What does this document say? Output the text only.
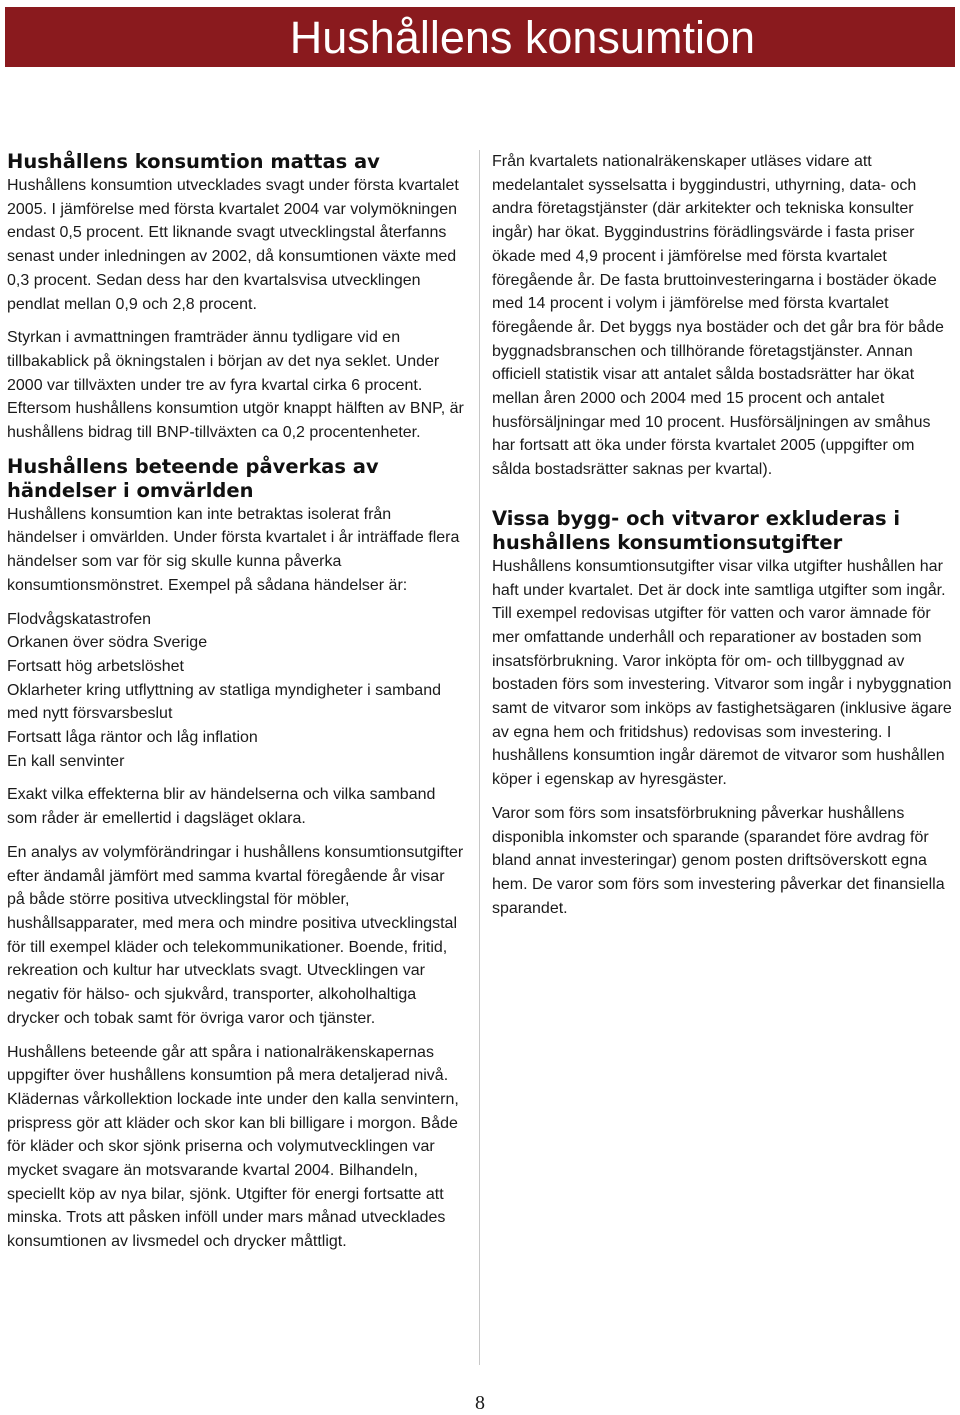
Hushållens konsumtion
Hushållens konsumtion mattas av

Hushållens konsumtion utvecklades svagt under första kvartalet 2005. I jämförelse med första kvartalet 2004 var volymökningen endast 0,5 procent. Ett liknande svagt utvecklingstal återfanns senast under inledningen av 2002, då konsumtionen växte med 0,3 procent. Sedan dess har den kvartalsvisa utvecklingen pendlat mellan 0,9 och 2,8 procent.

Styrkan i avmattningen framträder ännu tydligare vid en tillbakablick på ökningstalen i början av det nya seklet. Under 2000 var tillväxten under tre av fyra kvartal cirka 6 procent. Eftersom hushållens konsumtion utgör knappt hälften av BNP, är hushållens bidrag till BNP-tillväxten ca 0,2 procentenheter.

Hushållens beteende påverkas av händelser i omvärlden

Hushållens konsumtion kan inte betraktas isolerat från händelser i omvärlden. Under första kvartalet i år inträffade flera händelser som var för sig skulle kunna påverka konsumtionsmönstret. Exempel på sådana händelser är:

Flodvågskatastrofen

Orkanen över södra Sverige

Fortsatt hög arbetslöshet

Oklarheter kring utflyttning av statliga myndigheter i samband med nytt försvarsbeslut

Fortsatt låga räntor och låg inflation

En kall senvinter

Exakt vilka effekterna blir av händelserna och vilka samband som råder är emellertid i dagsläget oklara.

En analys av volymförändringar i hushållens konsumtionsutgifter efter ändamål jämfört med samma kvartal föregående år visar på både större positiva utvecklingstal för möbler, hushållsapparater, med mera och mindre positiva utvecklingstal för till exempel kläder och telekommunikationer. Boende, fritid, rekreation och kultur har utvecklats svagt. Utvecklingen var negativ för hälso- och sjukvård, transporter, alkoholhaltiga drycker och tobak samt för övriga varor och tjänster.

Hushållens beteende går att spåra i nationalräkenskapernas uppgifter över hushållens konsumtion på mera detaljerad nivå. Klädernas vårkollektion lockade inte under den kalla senvintern, prispress gör att kläder och skor kan bli billigare i morgon. Både för kläder och skor sjönk priserna och volymutvecklingen var mycket svagare än motsvarande kvartal 2004. Bilhandeln, speciellt köp av nya bilar, sjönk. Utgifter för energi fortsatte att minska. Trots att påsken inföll under mars månad utvecklades konsumtionen av livsmedel och drycker måttligt.

Från kvartalets nationalräkenskaper utläses vidare att medelantalet sysselsatta i byggindustri, uthyrning, data- och andra företagstjänster (där arkitekter och tekniska konsulter ingår) har ökat. Byggindustrins förädlingsvärde i fasta priser ökade med 4,9 procent i jämförelse med första kvartalet föregående år. De fasta bruttoinvesteringarna i bostäder ökade med 14 procent i volym i jämförelse med första kvartalet föregående år. Det byggs nya bostäder och det går bra för både byggnadsbranschen och tillhörande företagstjänster. Annan officiell statistik visar att antalet sålda bostadsrätter har ökat mellan åren 2000 och 2004 med 15 procent och antalet husförsäljningar med 10 procent. Husförsäljningen av småhus har fortsatt att öka under första kvartalet 2005 (uppgifter om sålda bostadsrätter saknas per kvartal).

Vissa bygg- och vitvaror exkluderas i hushållens konsumtionsutgifter

Hushållens konsumtionsutgifter visar vilka utgifter hushållen har haft under kvartalet. Det är dock inte samtliga utgifter som ingår. Till exempel redovisas utgifter för vatten och varor ämnade för mer omfattande underhåll och reparationer av bostaden som insatsförbrukning. Varor inköpta för om- och tillbyggnad av bostaden förs som investering. Vitvaror som ingår i nybyggnation samt de vitvaror som inköps av fastighetsägaren (inklusive ägare av egna hem och fritidshus) redovisas som investering. I hushållens konsumtion ingår däremot de vitvaror som hushållen köper i egenskap av hyresgäster.

Varor som förs som insatsförbrukning påverkar hushållens disponibla inkomster och sparande (sparandet före avdrag för bland annat investeringar) genom posten driftsöverskott egna hem. De varor som förs som investering påverkar det finansiella sparandet.

8
